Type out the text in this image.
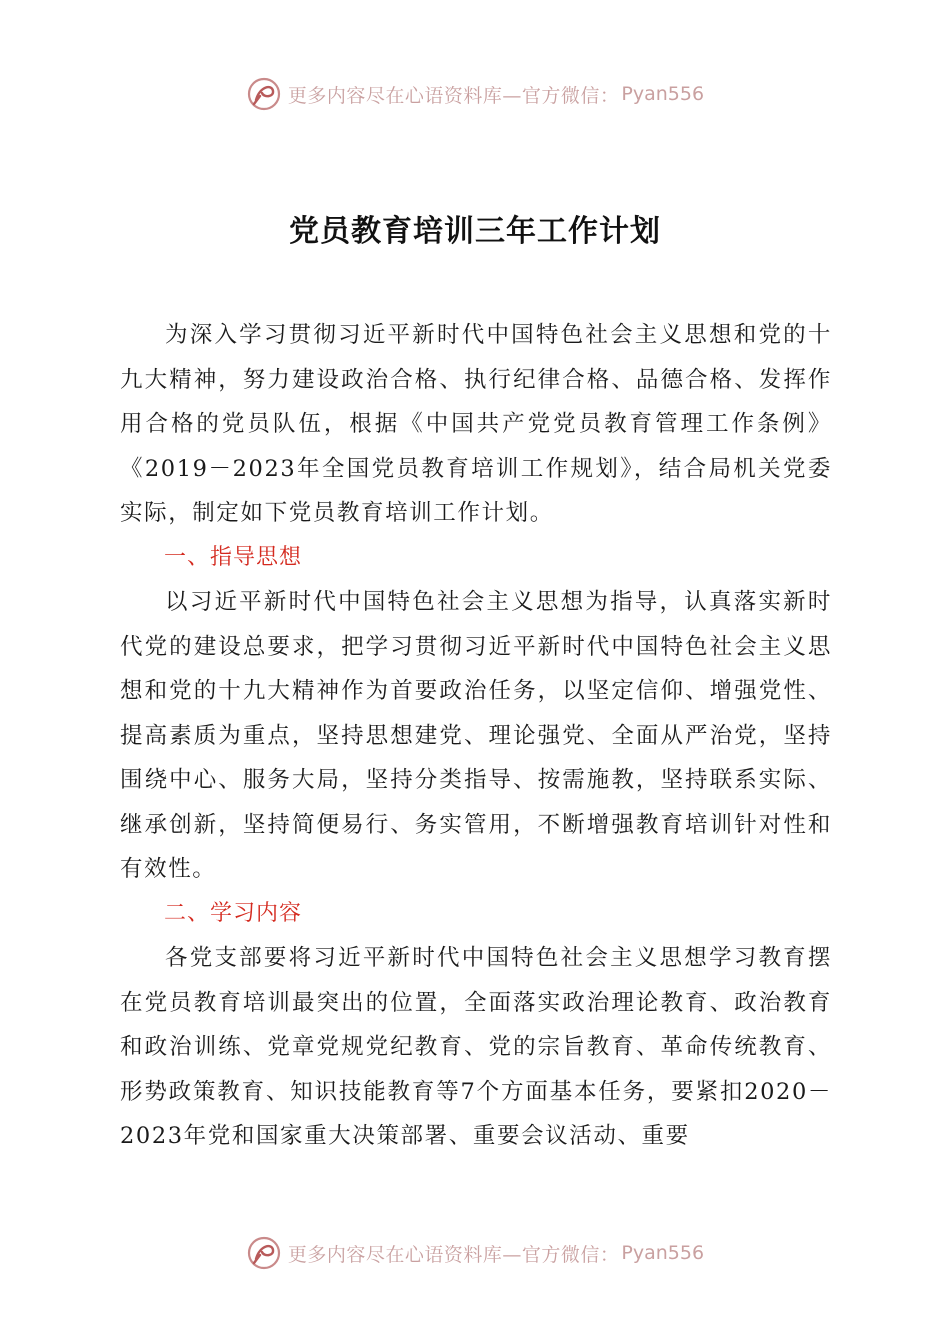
更多内容尽在心语资料库—官方微信： Pyan556
党员教育培训三年工作计划

为深入学习贯彻习近平新时代中国特色社会主义思想和党的十九大精神，努力建设政治合格、执行纪律合格、品德合格、发挥作用合格的党员队伍，根据《中国共产党党员教育管理工作条例》《2019－2023年全国党员教育培训工作规划》，结合局机关党委实际，制定如下党员教育培训工作计划。

一、指导思想

以习近平新时代中国特色社会主义思想为指导，认真落实新时代党的建设总要求，把学习贯彻习近平新时代中国特色社会主义思想和党的十九大精神作为首要政治任务，以坚定信仰、增强党性、提高素质为重点，坚持思想建党、理论强党、全面从严治党，坚持围绕中心、服务大局，坚持分类指导、按需施教，坚持联系实际、继承创新，坚持简便易行、务实管用，不断增强教育培训针对性和有效性。

二、学习内容

各党支部要将习近平新时代中国特色社会主义思想学习教育摆在党员教育培训最突出的位置，全面落实政治理论教育、政治教育和政治训练、党章党规党纪教育、党的宗旨教育、革命传统教育、形势政策教育、知识技能教育等7个方面基本任务，要紧扣2020－2023年党和国家重大决策部署、重要会议活动、重要

更多内容尽在心语资料库—官方微信： Pyan556
